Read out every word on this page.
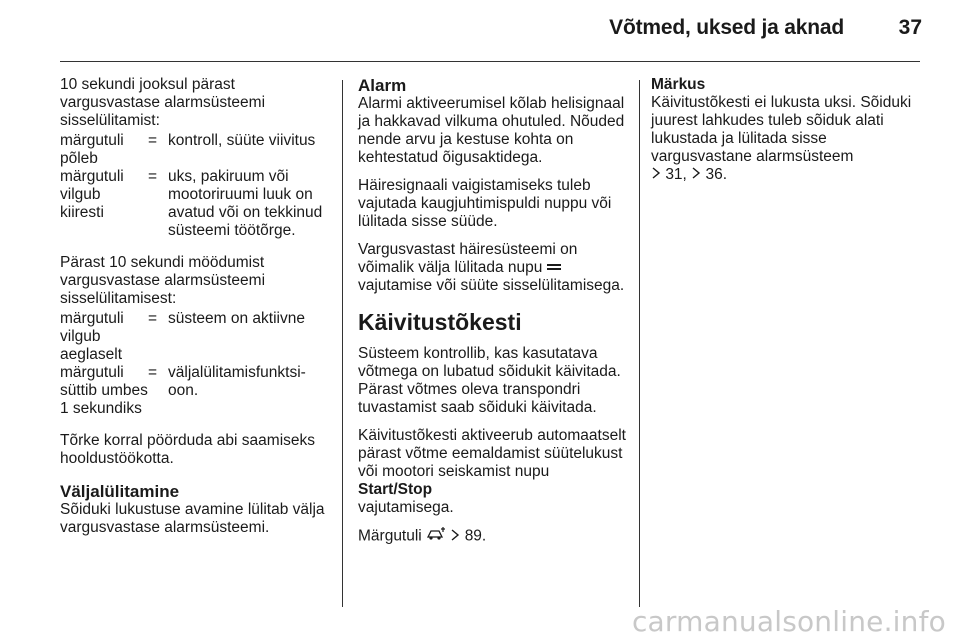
Võtmed, uksed ja aknad	37

10 sekundi jooksul pärast vargusvastase alarmsüsteemi sisselülitamist:

märgutuli põleb
= kontroll, süüte viivitus
märgutuli vilgub kiiresti
= uks, pakiruum või mootoriruumi luuk on avatud või on tekkinud süsteemi töötõrge.

Pärast 10 sekundi möödumist vargusvastase alarmsüsteemi sisselülitamisest:

märgutuli vilgub aeglaselt
= süsteem on aktiivne
märgutuli süttib umbes 1 sekundiks
= väljalülitamisfunktsi-oon.

Tõrke korral pöörduda abi saamiseks hooldustöökotta.

Väljalülitamine

Sõiduki lukustuse avamine lülitab välja vargusvastase alarmsüsteemi.

Alarm

Alarmi aktiveerumisel kõlab helisignaal ja hakkavad vilkuma ohutuled. Nõuded nende arvu ja kestuse kohta on kehtestatud õigusaktidega.

Häiresignaali vaigistamiseks tuleb vajutada kaugjuhtimispuldi nuppu või lülitada sisse süüde.

Vargusvastast häiresüsteemi on võimalik välja lülitada nupu
vajutamise või süüte sisselülitamisega.

Käivitustõkesti

Süsteem kontrollib, kas kasutatava võtmega on lubatud sõidukit käivitada. Pärast võtmes oleva transpondri tuvastamist saab sõiduki käivitada.

Käivitustõkesti aktiveerub automaatselt pärast võtme eemaldamist süütelukust või mootori seiskamist nupu Start/Stop
vajutamisega.

Märgutuli	89.

Märkus

Käivitustõkesti ei lukusta uksi. Sõiduki juurest lahkudes tuleb sõiduk alati lukustada ja lülitada sisse vargusvastane alarmsüsteem
31, 36.

carmanualsonline.info
